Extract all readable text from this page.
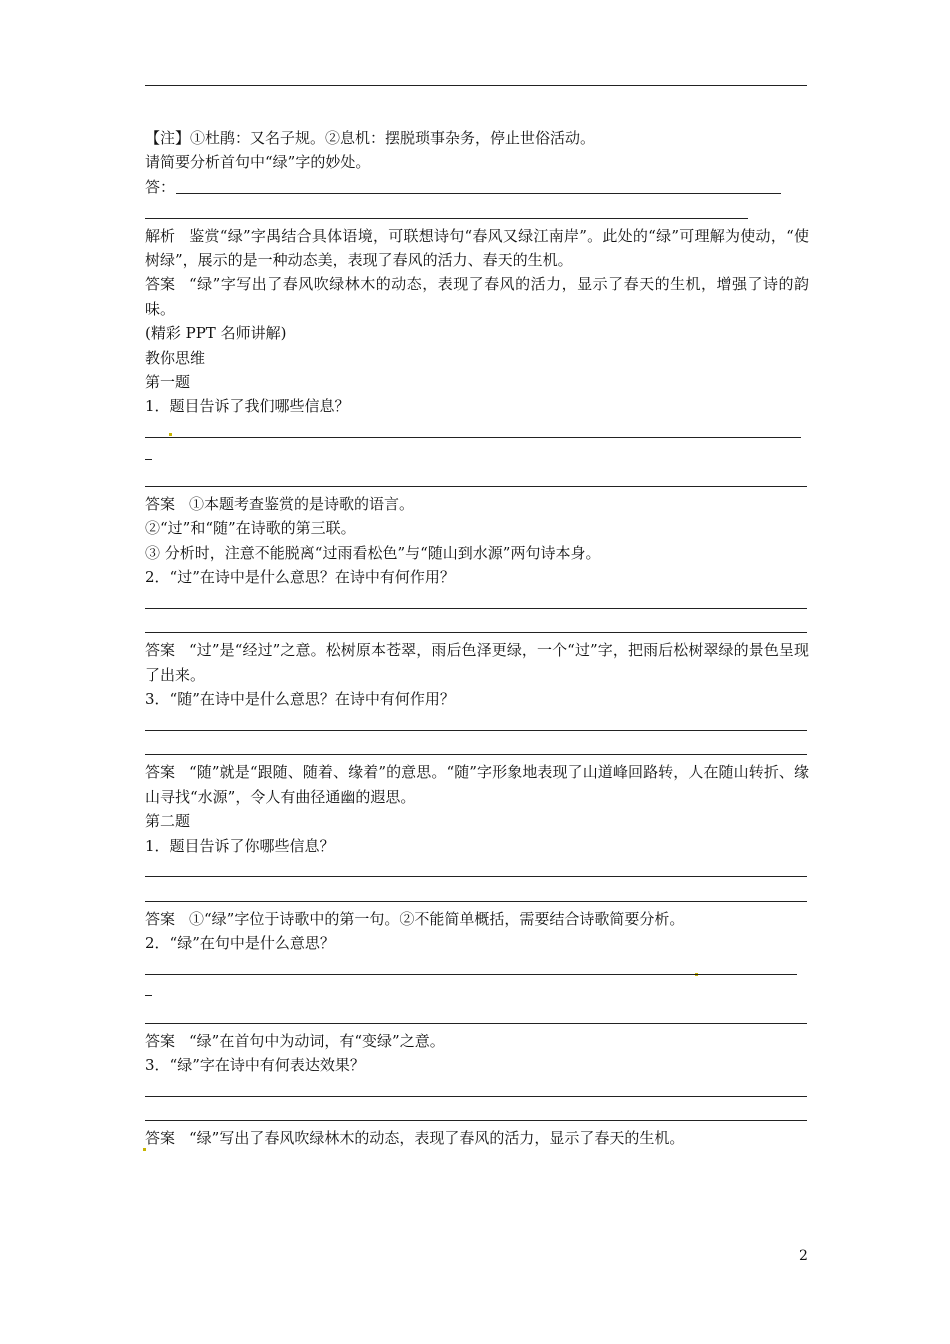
【注】①杜鹃：又名子规。②息机：摆脱琐事杂务，停止世俗活动。

请简要分析首句中“绿”字的妙处。

答：

解析 鉴赏“绿”字禺结合具体语境，可联想诗句“春风又绿江南岸”。此处的“绿”可理解为使动，“使树绿”，展示的是一种动态美，表现了春风的活力、春天的生机。

答案 “绿”字写出了春风吹绿林木的动态，表现了春风的活力，显示了春天的生机，增强了诗的韵味。

(精彩 PPT 名师讲解)

教你思维

第一题

1．题目告诉了我们哪些信息？

答案 ①本题考查鉴赏的是诗歌的语言。

②“过”和“随”在诗歌的第三联。

③ 分析时，注意不能脱离“过雨看松色”与“随山到水源”两句诗本身。

2．“过”在诗中是什么意思？在诗中有何作用？

答案 “过”是“经过”之意。松树原本苍翠，雨后色泽更绿，一个“过”字，把雨后松树翠绿的景色呈现了出来。

3．“随”在诗中是什么意思？在诗中有何作用？

答案 “随”就是“跟随、随着、缘着”的意思。“随”字形象地表现了山道峰回路转，人在随山转折、缘山寻找“水源”，令人有曲径通幽的遐思。

第二题

1．题目告诉了你哪些信息？

答案 ①“绿”字位于诗歌中的第一句。②不能简单概括，需要结合诗歌简要分析。

2．“绿”在句中是什么意思？

答案 “绿”在首句中为动词，有“变绿”之意。

3．“绿”字在诗中有何表达效果？

答案 “绿”写出了春风吹绿林木的动态，表现了春风的活力，显示了春天的生机。

2
